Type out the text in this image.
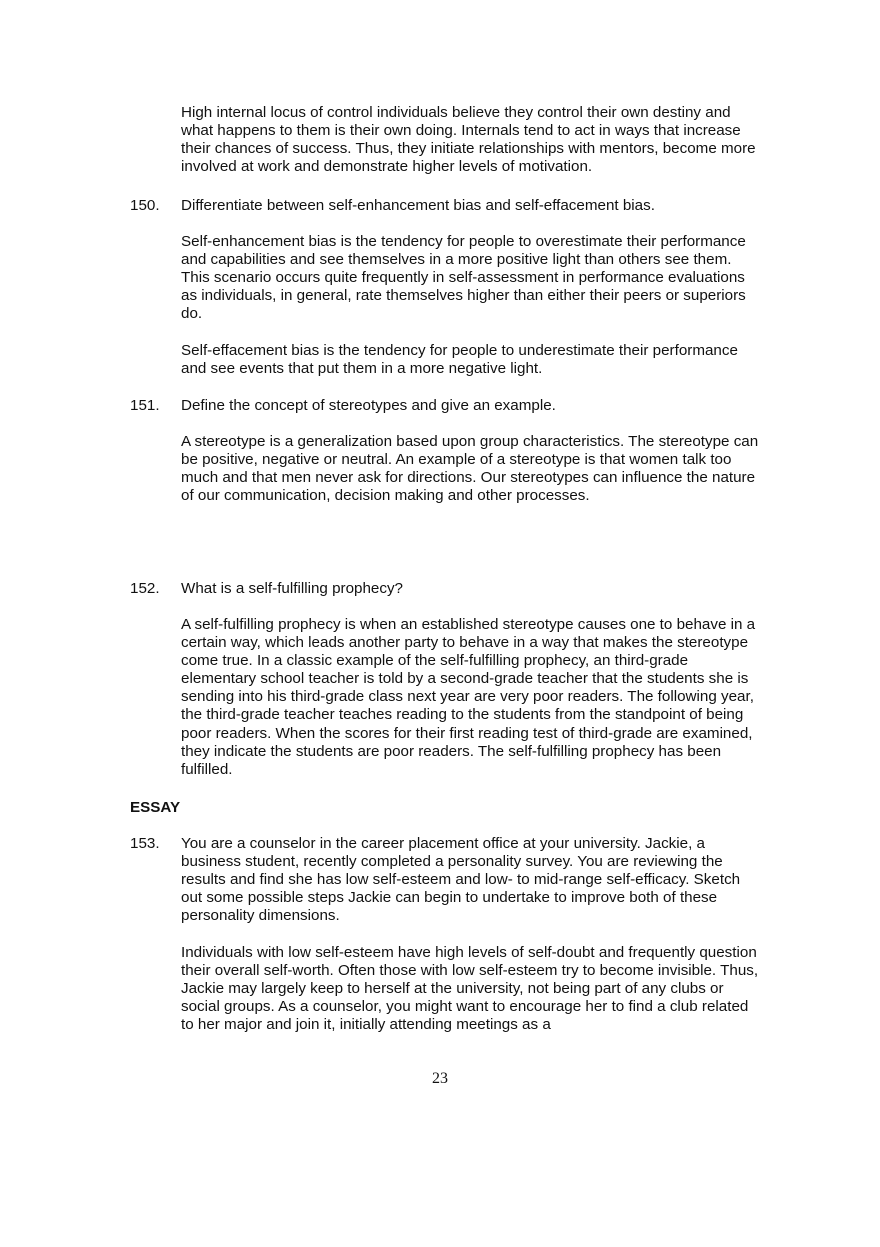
High internal locus of control individuals believe they control their own destiny and what happens to them is their own doing. Internals tend to act in ways that increase their chances of success. Thus, they initiate relationships with mentors, become more involved at work and demonstrate higher levels of motivation.

150.	Differentiate between self-enhancement bias and self-effacement bias.

Self-enhancement bias is the tendency for people to overestimate their performance and capabilities and see themselves in a more positive light than others see them. This scenario occurs quite frequently in self-assessment in performance evaluations as individuals, in general, rate themselves higher than either their peers or superiors do.

Self-effacement bias is the tendency for people to underestimate their performance and see events that put them in a more negative light.

151.	Define the concept of stereotypes and give an example.

A stereotype is a generalization based upon group characteristics. The stereotype can be positive, negative or neutral. An example of a stereotype is that women talk too much and that men never ask for directions. Our stereotypes can influence the nature of our communication, decision making and other processes.

152.	What is a self-fulfilling prophecy?

A self-fulfilling prophecy is when an established stereotype causes one to behave in a certain way, which leads another party to behave in a way that makes the stereotype come true. In a classic example of the self-fulfilling prophecy, an third-grade elementary school teacher is told by a second-grade teacher that the students she is sending into his third-grade class next year are very poor readers. The following year, the third-grade teacher teaches reading to the students from the standpoint of being poor readers. When the scores for their first reading test of third-grade are examined, they indicate the students are poor readers. The self-fulfilling prophecy has been fulfilled.

ESSAY
153.	You are a counselor in the career placement office at your university. Jackie, a business student, recently completed a personality survey. You are reviewing the results and find she has low self-esteem and low- to mid-range self-efficacy. Sketch out some possible steps Jackie can begin to undertake to improve both of these personality dimensions.

Individuals with low self-esteem have high levels of self-doubt and frequently question their overall self-worth. Often those with low self-esteem try to become invisible. Thus, Jackie may largely keep to herself at the university, not being part of any clubs or social groups. As a counselor, you might want to encourage her to find a club related to her major and join it, initially attending meetings as a

23
